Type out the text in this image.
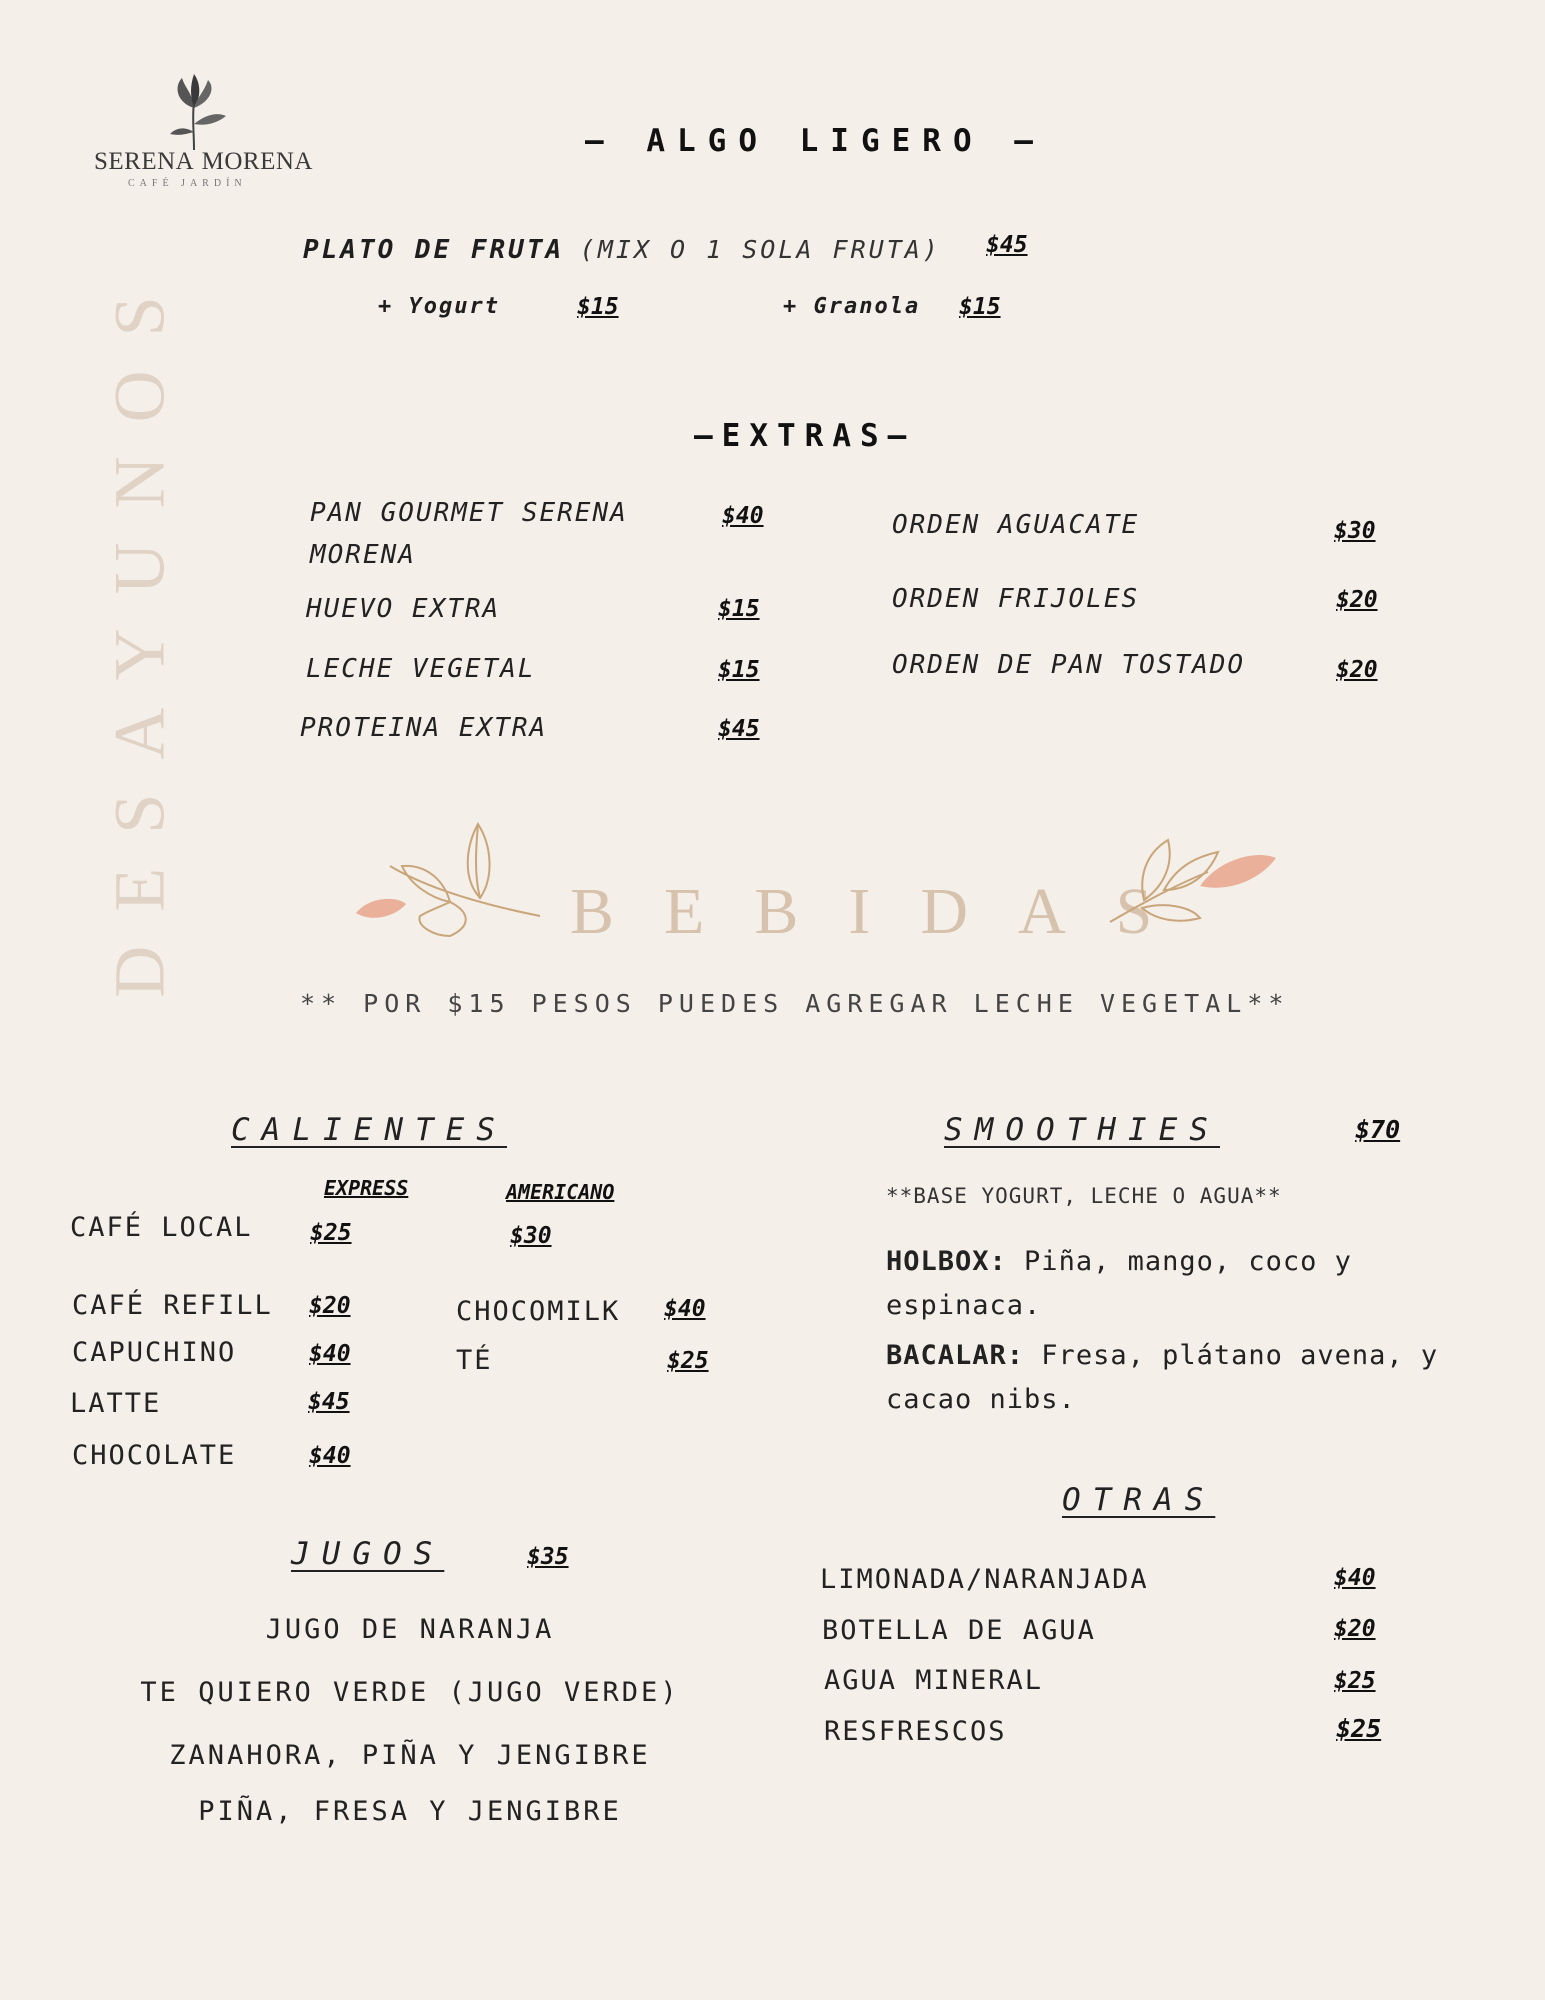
SERENA MORENA
CAFÉ JARDÍN
DESAYUNOS
– ALGO LIGERO –
PLATO DE FRUTA (MIX O 1 SOLA FRUTA) $45
+ Yogurt	$15	+ Granola $15
–EXTRAS–
PAN GOURMET SERENA
MORENA
$40
HUEVO EXTRA	$15
LECHE VEGETAL	$15
PROTEINA EXTRA	$45
ORDEN AGUACATE	$30
ORDEN FRIJOLES	$20
ORDEN DE PAN TOSTADO	$20
BEBIDAS
** POR $15 PESOS PUEDES AGREGAR LECHE VEGETAL**
CALIENTES
EXPRESS	AMERICANO
CAFÉ LOCAL $25	$30
CAFÉ REFILL $20
CAPUCHINO	$40
LATTE	$45
CHOCOLATE	$40
CHOCOMILK $40
TÉ	$25
JUGOS	$35
JUGO DE NARANJA
TE QUIERO VERDE (JUGO VERDE)
ZANAHORA, PIÑA Y JENGIBRE
PIÑA, FRESA Y JENGIBRE
SMOOTHIES	$70
**BASE YOGURT, LECHE O AGUA**
HOLBOX: Piña, mango, coco y espinaca.
BACALAR: Fresa, plátano avena, y cacao nibs.
OTRAS
LIMONADA/NARANJADA	$40
BOTELLA DE AGUA	$20
AGUA MINERAL	$25
RESFRESCOS	$25
